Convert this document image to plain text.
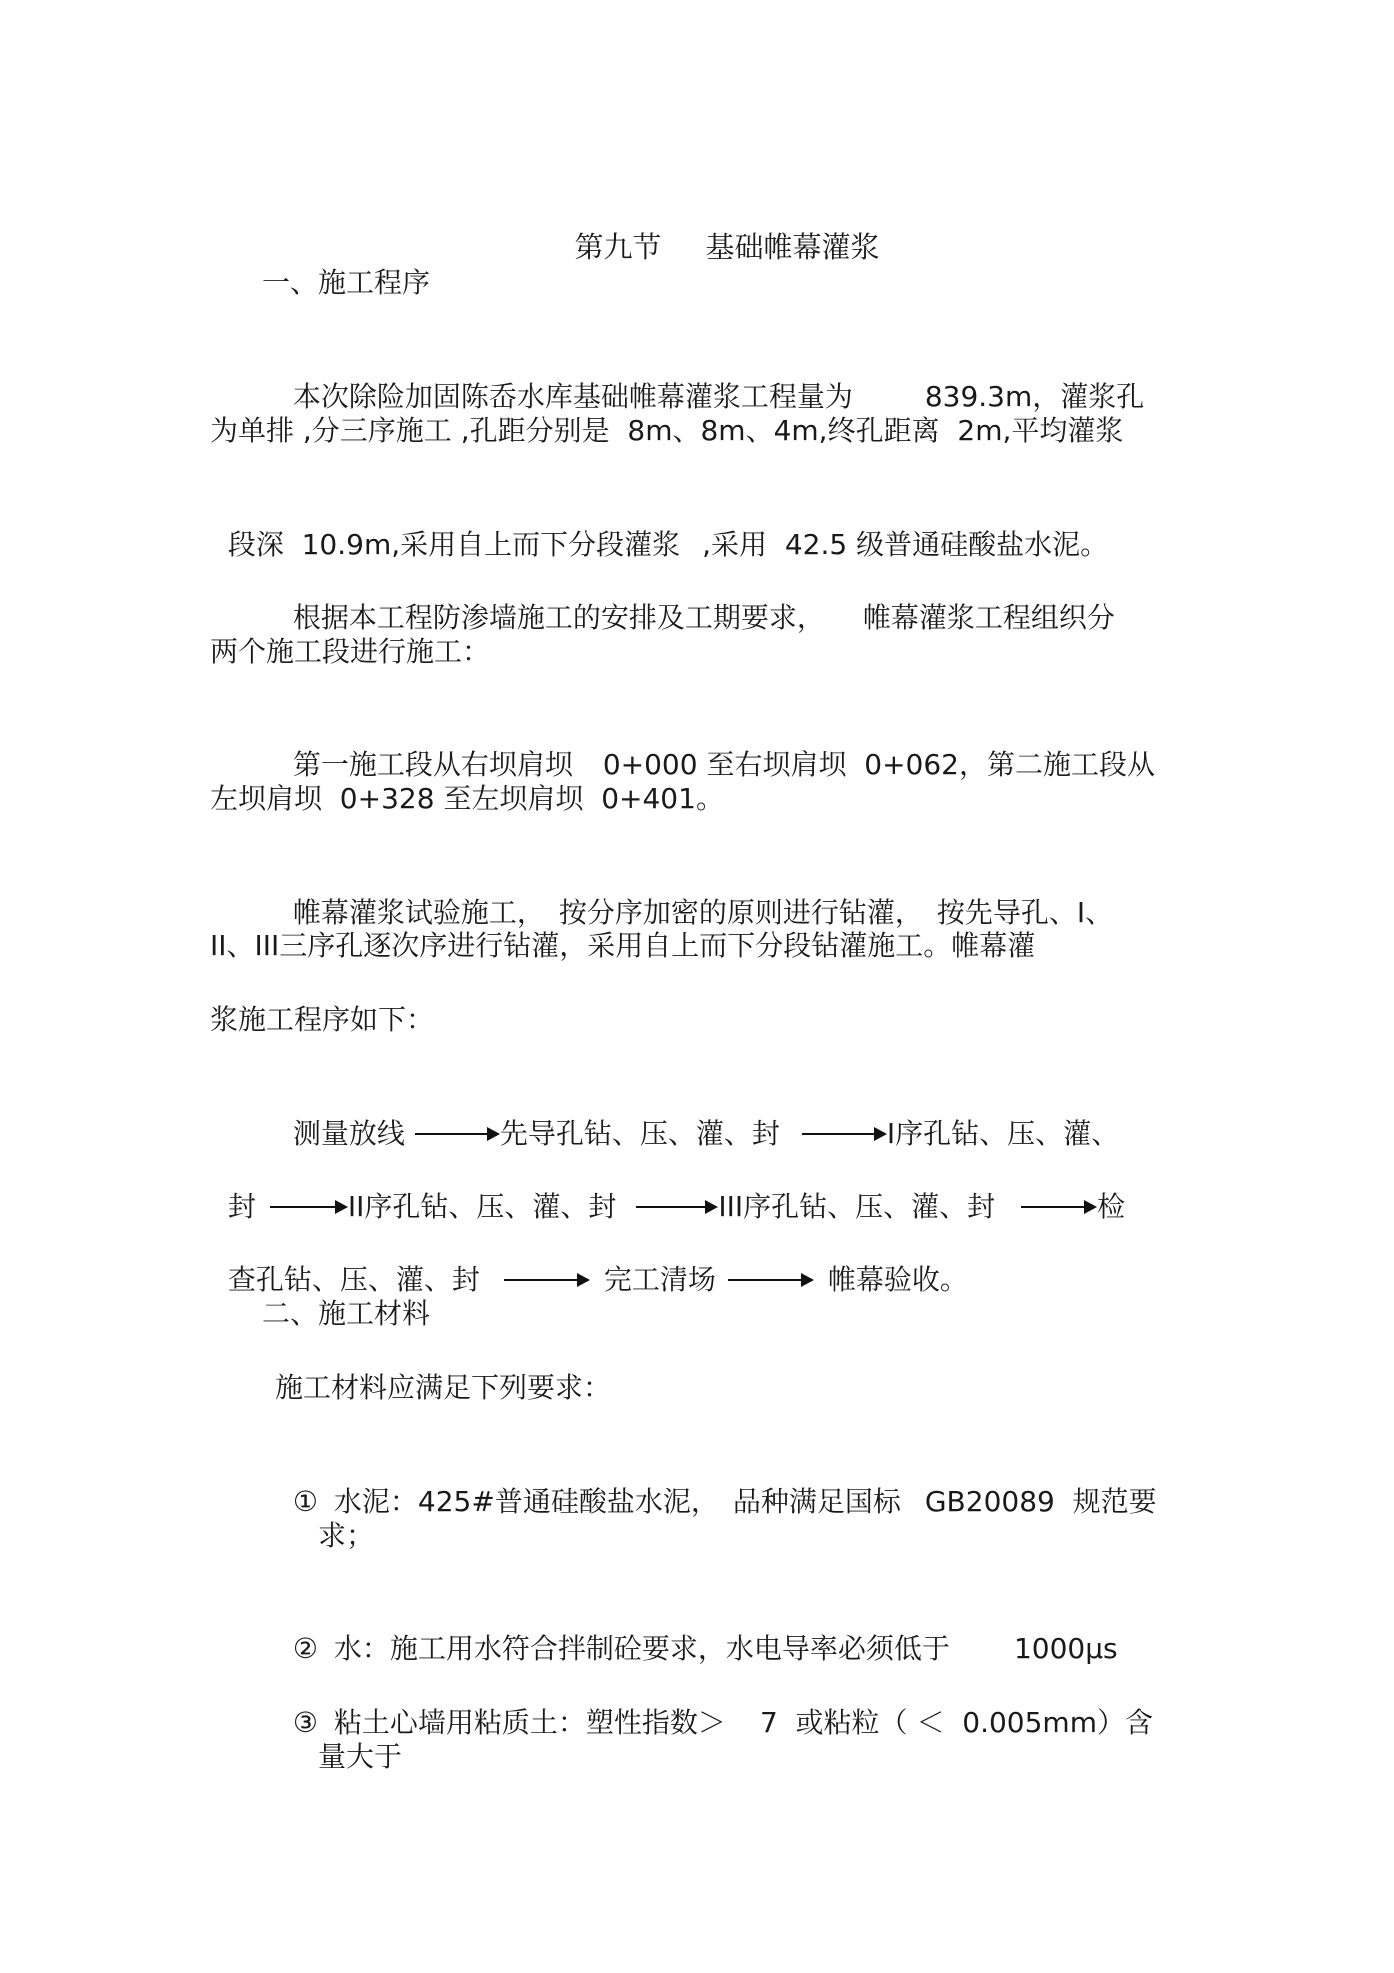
第九节 基础帷幕灌浆

一、施工程序

本次除险加固陈岙水库基础帷幕灌浆工程量为	839.3m，灌浆孔

为单排 ,分三序施工 ,孔距分别是  8m、8m、4m,终孔距离  2m,平均灌浆

段深  10.9m,采用自上而下分段灌浆 ,采用  42.5 级普通硅酸盐水泥。

根据本工程防渗墙施工的安排及工期要求， 帷幕灌浆工程组织分

两个施工段进行施工：

第一施工段从右坝肩坝 0+000 至右坝肩坝  0+062，第二施工段从

左坝肩坝  0+328 至左坝肩坝  0+401。

帷幕灌浆试验施工， 按分序加密的原则进行钻灌， 按先导孔、Ⅰ、

II、III三序孔逐次序进行钻灌，采用自上而下分段钻灌施工。帷幕灌
浆施工程序如下：

测量放线	先导孔钻、压、灌、封	Ⅰ序孔钻、压、灌、

封	II序孔钻、压、灌、封	III序孔钻、压、灌、封	检

查孔钻、压、灌、封	完工清场	帷幕验收。

二、施工材料
施工材料应满足下列要求：

① 水泥：425#普通硅酸盐水泥， 品种满足国标 GB20089  规范要

求；

② 水：施工用水符合拌制砼要求，水电导率必须低于 1000μs

③ 粘土心墙用粘质土：塑性指数＞ 7  或粘粒（ ＜  0.005mm）含

量大于
